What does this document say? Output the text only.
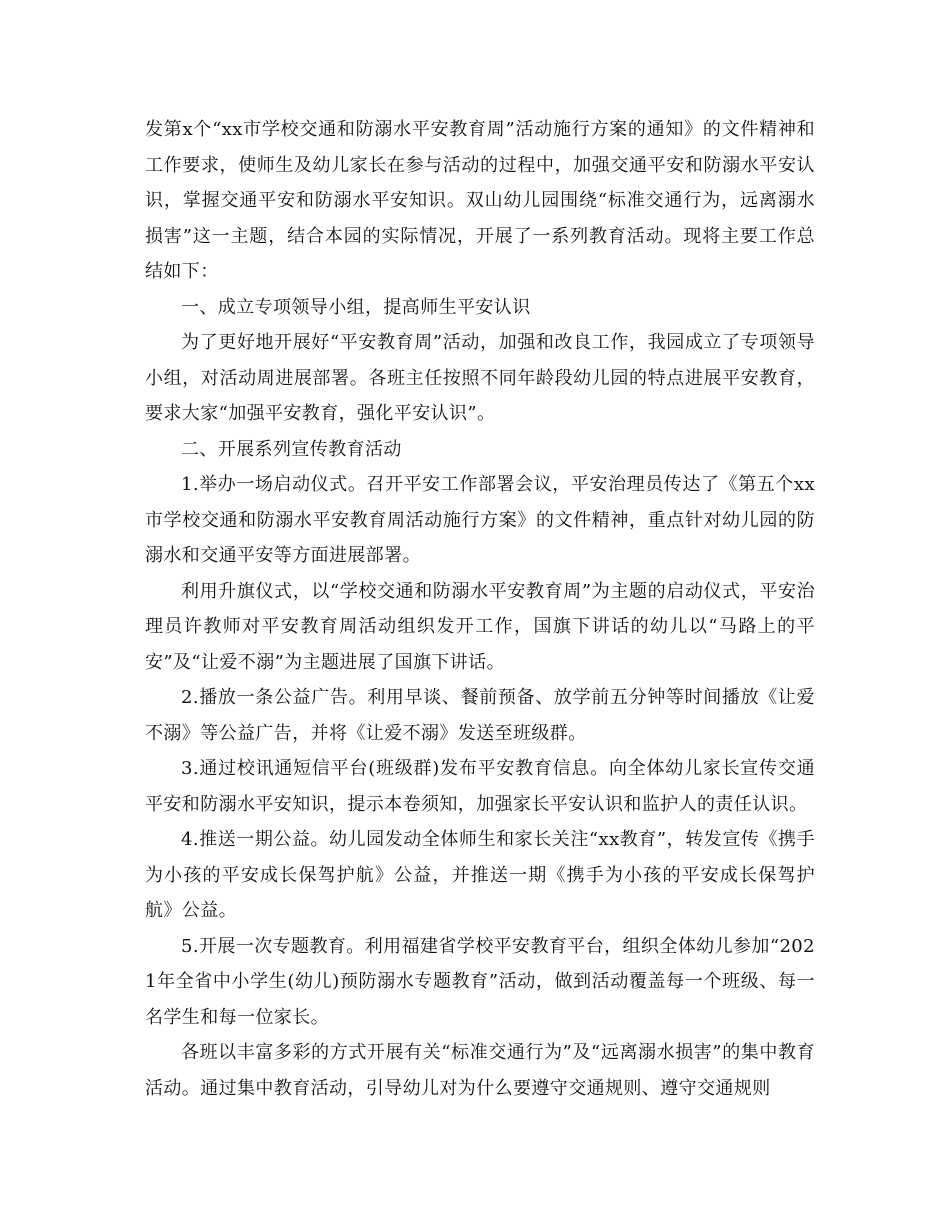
发第x个“xx市学校交通和防溺水平安教育周”活动施行方案的通知》的文件精神和工作要求，使师生及幼儿家长在参与活动的过程中，加强交通平安和防溺水平安认识，掌握交通平安和防溺水平安知识。双山幼儿园围绕“标准交通行为，远离溺水损害”这一主题，结合本园的实际情况，开展了一系列教育活动。现将主要工作总结如下：

一、成立专项领导小组，提高师生平安认识

为了更好地开展好“平安教育周”活动，加强和改良工作，我园成立了专项领导小组，对活动周进展部署。各班主任按照不同年龄段幼儿园的特点进展平安教育，要求大家“加强平安教育，强化平安认识”。

二、开展系列宣传教育活动

1.举办一场启动仪式。召开平安工作部署会议，平安治理员传达了《第五个xx市学校交通和防溺水平安教育周活动施行方案》的文件精神，重点针对幼儿园的防溺水和交通平安等方面进展部署。

利用升旗仪式，以“学校交通和防溺水平安教育周”为主题的启动仪式，平安治理员许教师对平安教育周活动组织发开工作，国旗下讲话的幼儿以“马路上的平安”及“让爱不溺”为主题进展了国旗下讲话。

2.播放一条公益广告。利用早谈、餐前预备、放学前五分钟等时间播放《让爱不溺》等公益广告，并将《让爱不溺》发送至班级群。

3.通过校讯通短信平台(班级群)发布平安教育信息。向全体幼儿家长宣传交通平安和防溺水平安知识，提示本卷须知，加强家长平安认识和监护人的责任认识。

4.推送一期公益。幼儿园发动全体师生和家长关注“xx教育”，转发宣传《携手为小孩的平安成长保驾护航》公益，并推送一期《携手为小孩的平安成长保驾护航》公益。

5.开展一次专题教育。利用福建省学校平安教育平台，组织全体幼儿参加“2021年全省中小学生(幼儿)预防溺水专题教育”活动，做到活动覆盖每一个班级、每一名学生和每一位家长。

各班以丰富多彩的方式开展有关“标准交通行为”及“远离溺水损害”的集中教育活动。通过集中教育活动，引导幼儿对为什么要遵守交通规则、遵守交通规则
